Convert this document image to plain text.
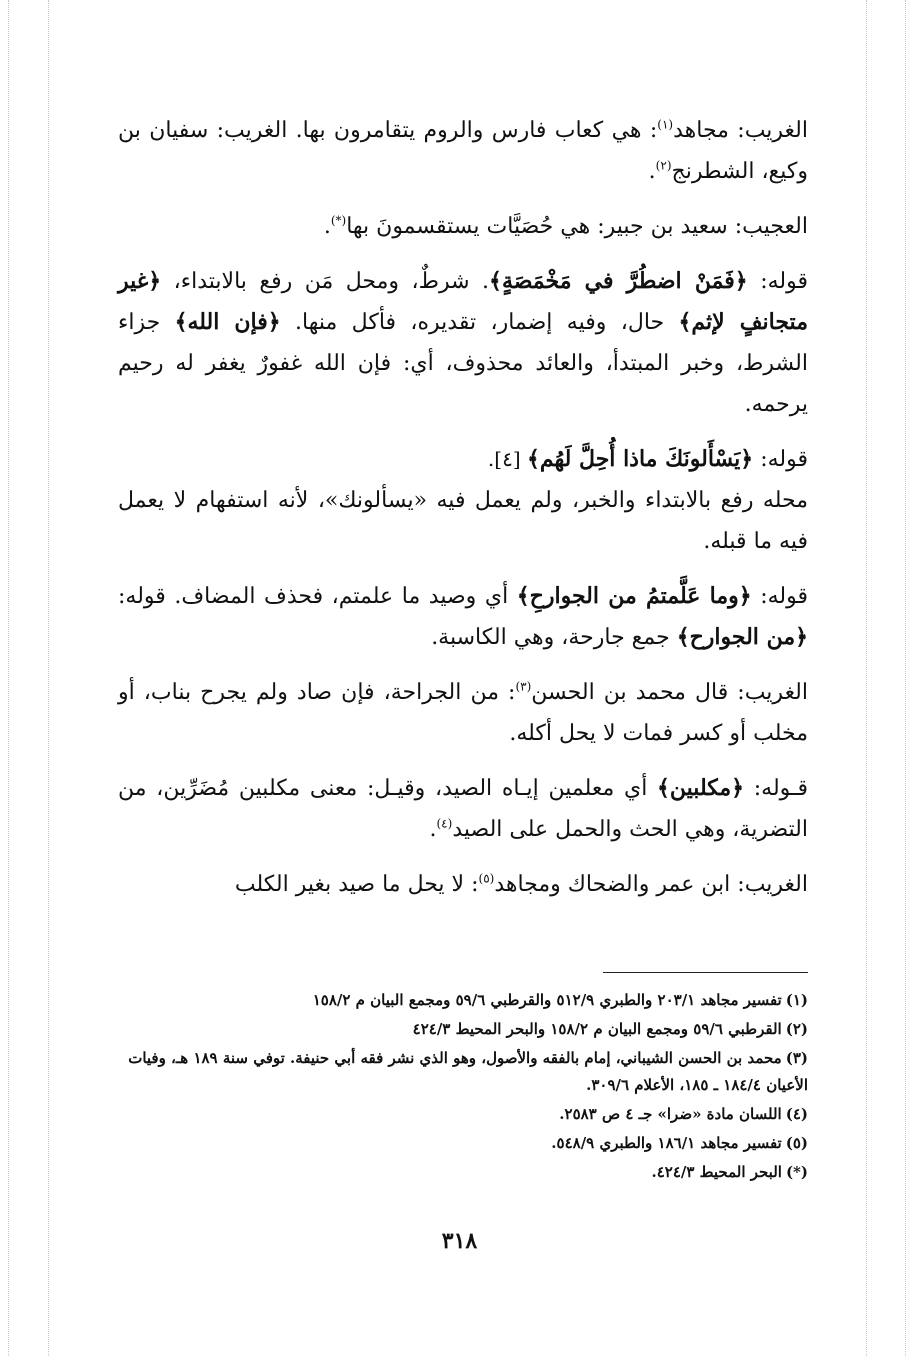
الغريب: مجاهد$^{(١)}$: هي كعاب فارس والروم يتقامرون بها. الغريب: سفيان بن وكيع، الشطرنج$^{(٢)}$.

العجيب: سعيد بن جبير: هي حُصَيَّات يستقسمونَ بها(*).

قوله: ﴿فَمَنْ اضطُرَّ في مَخْمَصَةٍ﴾. شرطٌ، ومحل مَن رفع بالابتداء، ﴿غير متجانفٍ لإثم﴾ حال، وفيه إضمار، تقديره، فأكل منها. ﴿فإن الله﴾ جزاء الشرط، وخبر المبتدأ، والعائد محذوف، أي: فإن الله غفورٌ يغفر له رحيم يرحمه.

قوله: ﴿يَسْأَلونَكَ ماذا أُحِلَّ لَهُم﴾ [٤].

محله رفع بالابتداء والخبر، ولم يعمل فيه «يسألونك»، لأنه استفهام لا يعمل فيه ما قبله.

قوله: ﴿وما عَلَّمتمُ من الجوارحِ﴾ أي وصيد ما علمتم، فحذف المضاف. قوله: ﴿من الجوارح﴾ جمع جارحة، وهي الكاسبة.

الغريب: قال محمد بن الحسن$^{(٣)}$: من الجراحة، فإن صاد ولم يجرح بناب، أو مخلب أو كسر فمات لا يحل أكله.

قـوله: ﴿مكلبين﴾ أي معلمين إيـاه الصيد، وقيـل: معنى مكلبين مُضَرِّين، من التضرية، وهي الحث والحمل على الصيد$^{(٤)}$.

الغريب: ابن عمر والضحاك ومجاهد$^{(٥)}$: لا يحل ما صيد بغير الكلب

(١)تفسير مجاهد ٢٠٣/١ والطبري ٥١٢/٩ والقرطبي ٥٩/٦ ومجمع البيان م ١٥٨/٢
(٢)القرطبي ٥٩/٦ ومجمع البيان م ١٥٨/٢ والبحر المحيط ٤٢٤/٣
(٣)محمد بن الحسن الشيباني، إمام بالفقه والأصول، وهو الذي نشر فقه أبي حنيفة. توفي سنة ١٨٩ هـ، وفيات الأعيان ١٨٤/٤ ـ ١٨٥، الأعلام ٣٠٩/٦.
(٤)اللسان مادة «ضرا» جـ ٤ ص ٢٥٨٣.
(٥)تفسير مجاهد ١٨٦/١ والطبري ٥٤٨/٩.
(*)البحر المحيط ٤٢٤/٣.
٣١٨
